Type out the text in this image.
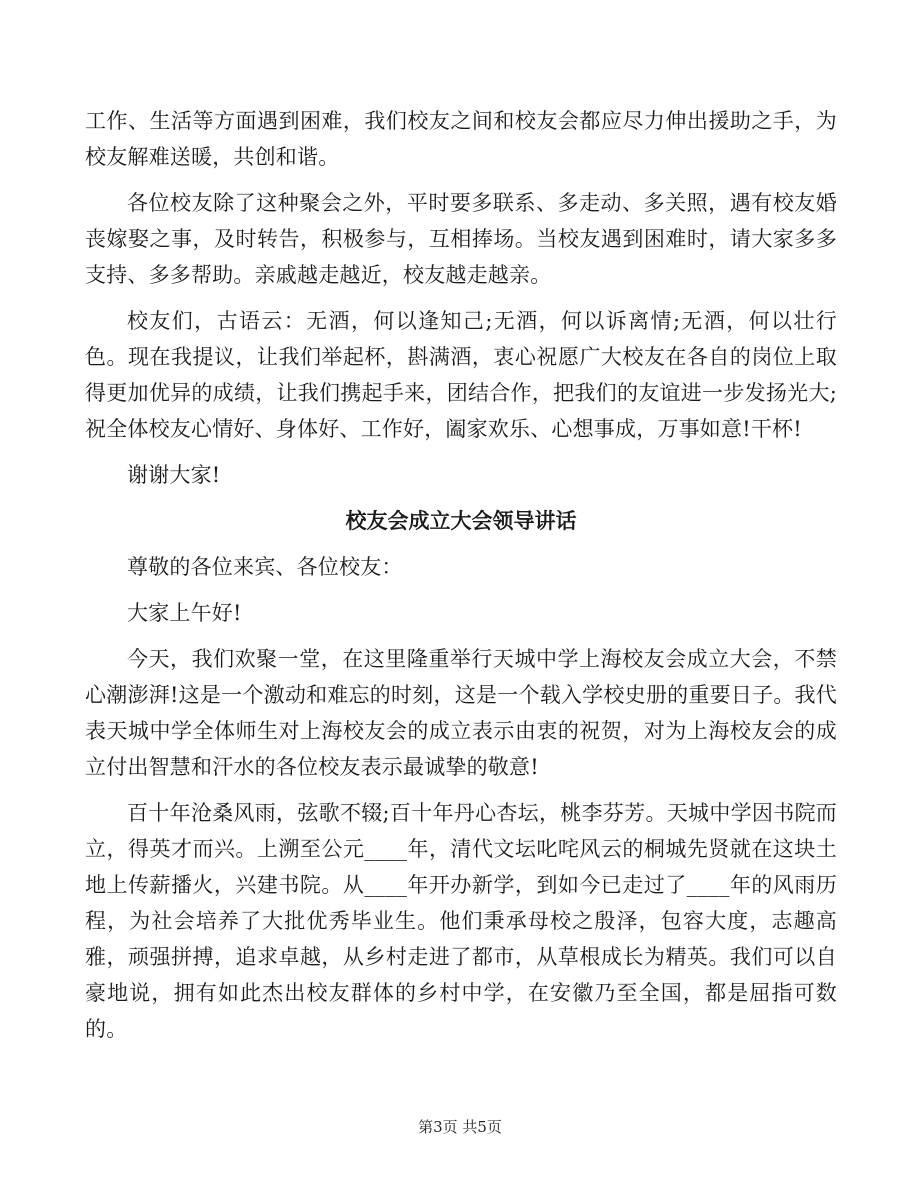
工作、生活等方面遇到困难，我们校友之间和校友会都应尽力伸出援助之手，为校友解难送暖，共创和谐。

各位校友除了这种聚会之外，平时要多联系、多走动、多关照，遇有校友婚丧嫁娶之事，及时转告，积极参与，互相捧场。当校友遇到困难时，请大家多多支持、多多帮助。亲戚越走越近，校友越走越亲。

校友们，古语云：无酒，何以逢知己;无酒，何以诉离情;无酒，何以壮行色。现在我提议，让我们举起杯，斟满酒，衷心祝愿广大校友在各自的岗位上取得更加优异的成绩，让我们携起手来，团结合作，把我们的友谊进一步发扬光大;祝全体校友心情好、身体好、工作好，阖家欢乐、心想事成，万事如意!干杯!

谢谢大家!

校友会成立大会领导讲话

尊敬的各位来宾、各位校友：

大家上午好!

今天，我们欢聚一堂，在这里隆重举行天城中学上海校友会成立大会，不禁心潮澎湃!这是一个激动和难忘的时刻，这是一个载入学校史册的重要日子。我代表天城中学全体师生对上海校友会的成立表示由衷的祝贺，对为上海校友会的成立付出智慧和汗水的各位校友表示最诚挚的敬意!

百十年沧桑风雨，弦歌不辍;百十年丹心杏坛，桃李芬芳。天城中学因书院而立，得英才而兴。上溯至公元____年，清代文坛叱咤风云的桐城先贤就在这块土地上传薪播火，兴建书院。从____年开办新学，到如今已走过了____年的风雨历程，为社会培养了大批优秀毕业生。他们秉承母校之殷泽，包容大度，志趣高雅，顽强拼搏，追求卓越，从乡村走进了都市，从草根成长为精英。我们可以自豪地说，拥有如此杰出校友群体的乡村中学，在安徽乃至全国，都是屈指可数的。

第3页 共5页
